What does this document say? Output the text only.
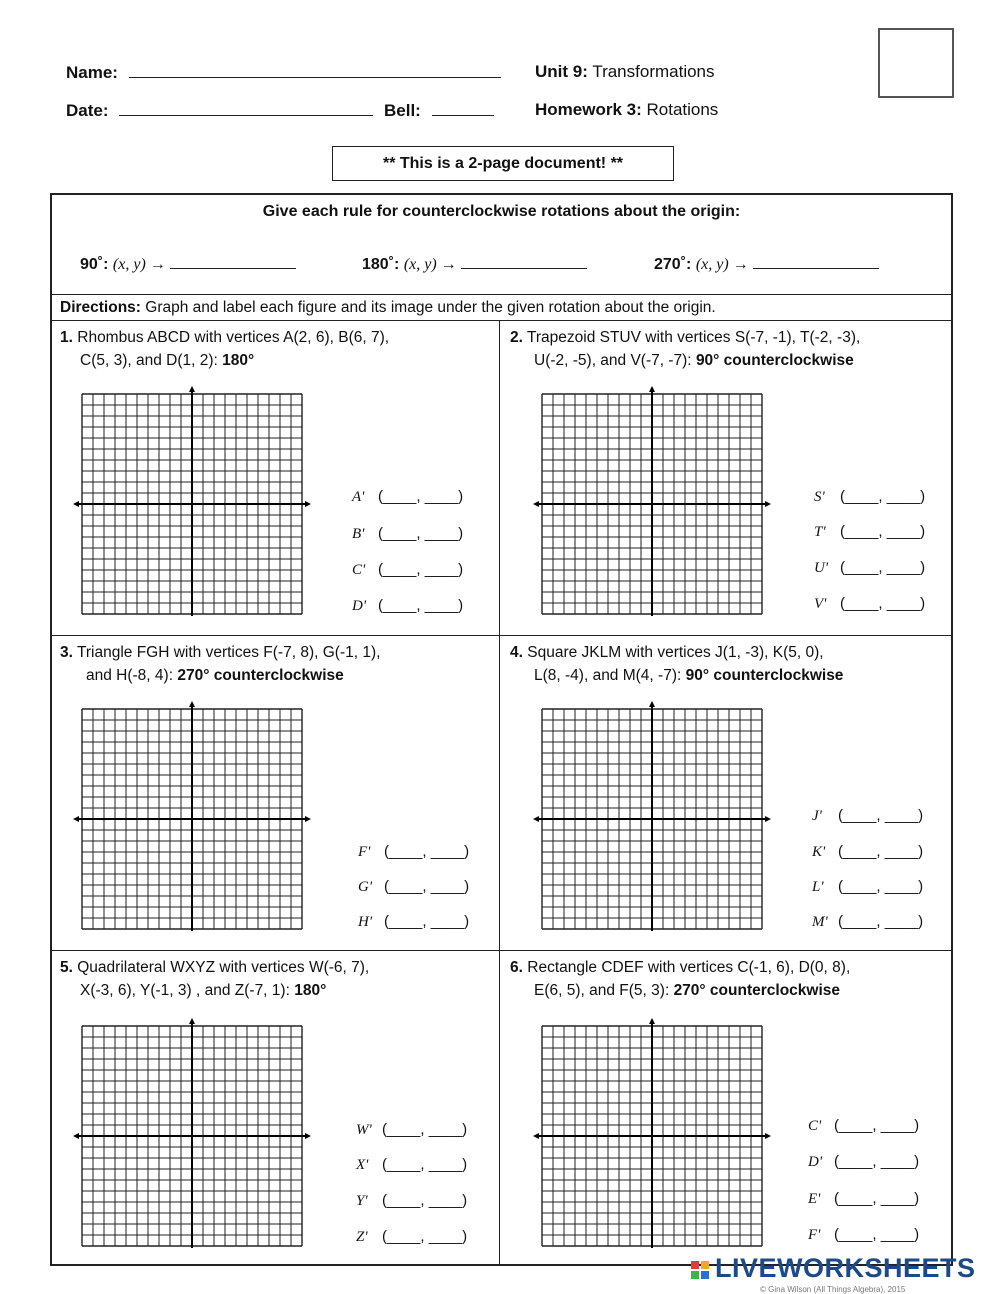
Name:
Date:	Bell:
Unit 9: Transformations
Homework 3: Rotations
** This is a 2-page document! **
Give each rule for counterclockwise rotations about the origin:
90˚: (x, y) →	180˚: (x, y) →	270˚: (x, y) →
Directions: Graph and label each figure and its image under the given rotation about the origin.
1. Rhombus ABCD with vertices A(2, 6), B(6, 7),
C(5, 3), and D(1, 2): 180°
2. Trapezoid STUV with vertices S(-7, -1), T(-2, -3),
U(-2, -5), and V(-7, -7): 90° counterclockwise
3. Triangle FGH with vertices F(-7, 8), G(-1, 1),
and H(-8, 4): 270° counterclockwise
4. Square JKLM with vertices J(1, -3), K(5, 0),
L(8, -4), and M(4, -7): 90° counterclockwise
5. Quadrilateral WXYZ with vertices W(-6, 7),
X(-3, 6), Y(-1, 3) , and Z(-7, 1): 180°
6. Rectangle CDEF with vertices C(-1, 6), D(0, 8),
E(6, 5), and F(5, 3): 270° counterclockwise
A' (____, ____)
B' (____, ____)
C' (____, ____)
D' (____, ____)
S' (____, ____)
T' (____, ____)
U' (____, ____)
V' (____, ____)
F' (____, ____)
G' (____, ____)
H' (____, ____)
J' (____, ____)
K' (____, ____)
L' (____, ____)
M' (____, ____)
W' (____, ____)
X' (____, ____)
Y' (____, ____)
Z' (____, ____)
C' (____, ____)
D' (____, ____)
E' (____, ____)
F' (____, ____)
LIVEWORKSHEETS
© Gina Wilson (All Things Algebra), 2015
